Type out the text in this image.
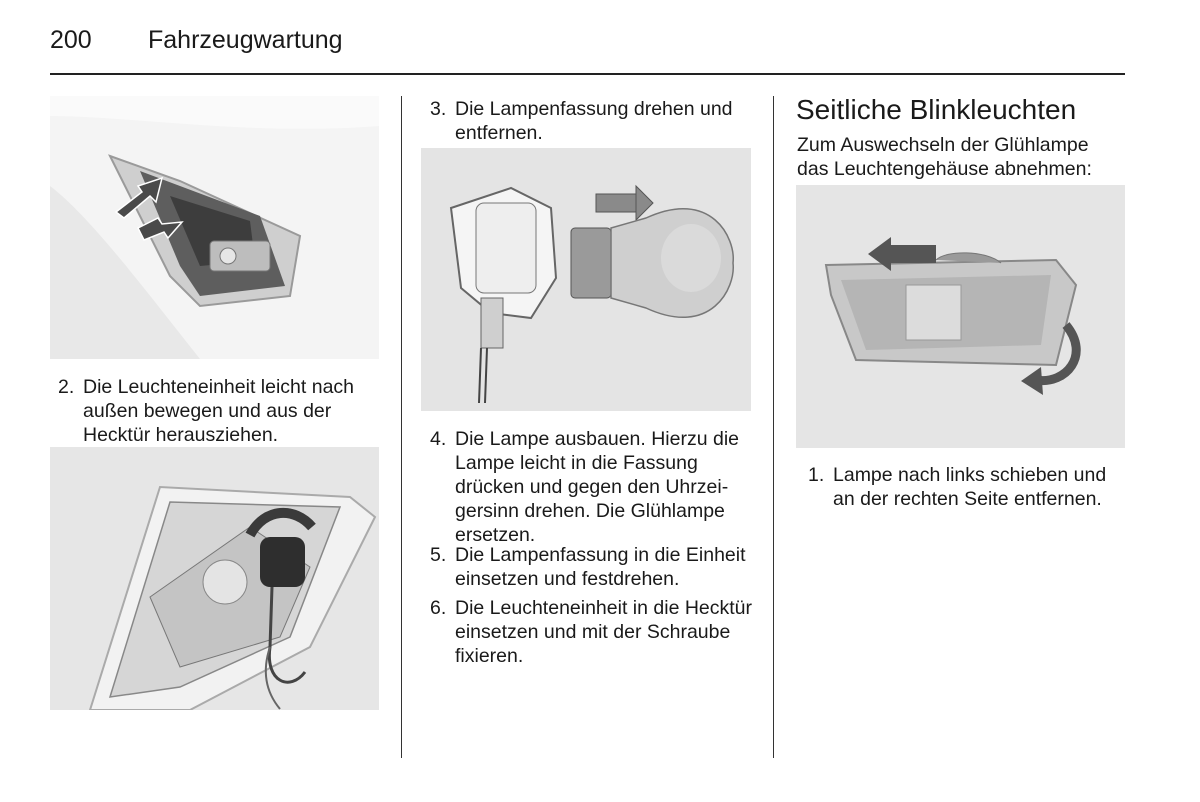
200 Fahrzeugwartung
2. Die Leuchteneinheit leicht nach außen bewegen und aus der Hecktür herausziehen.
3. Die Lampenfassung drehen und entfernen.
4. Die Lampe ausbauen. Hierzu die Lampe leicht in die Fassung drücken und gegen den Uhrzeigersinn drehen. Die Glühlampe ersetzen.
5. Die Lampenfassung in die Einheit einsetzen und festdrehen.
6. Die Leuchteneinheit in die Hecktür einsetzen und mit der Schraube fixieren.
Seitliche Blinkleuchten

Zum Auswechseln der Glühlampe das Leuchtengehäuse abnehmen:

1. Lampe nach links schieben und an der rechten Seite entfernen.
